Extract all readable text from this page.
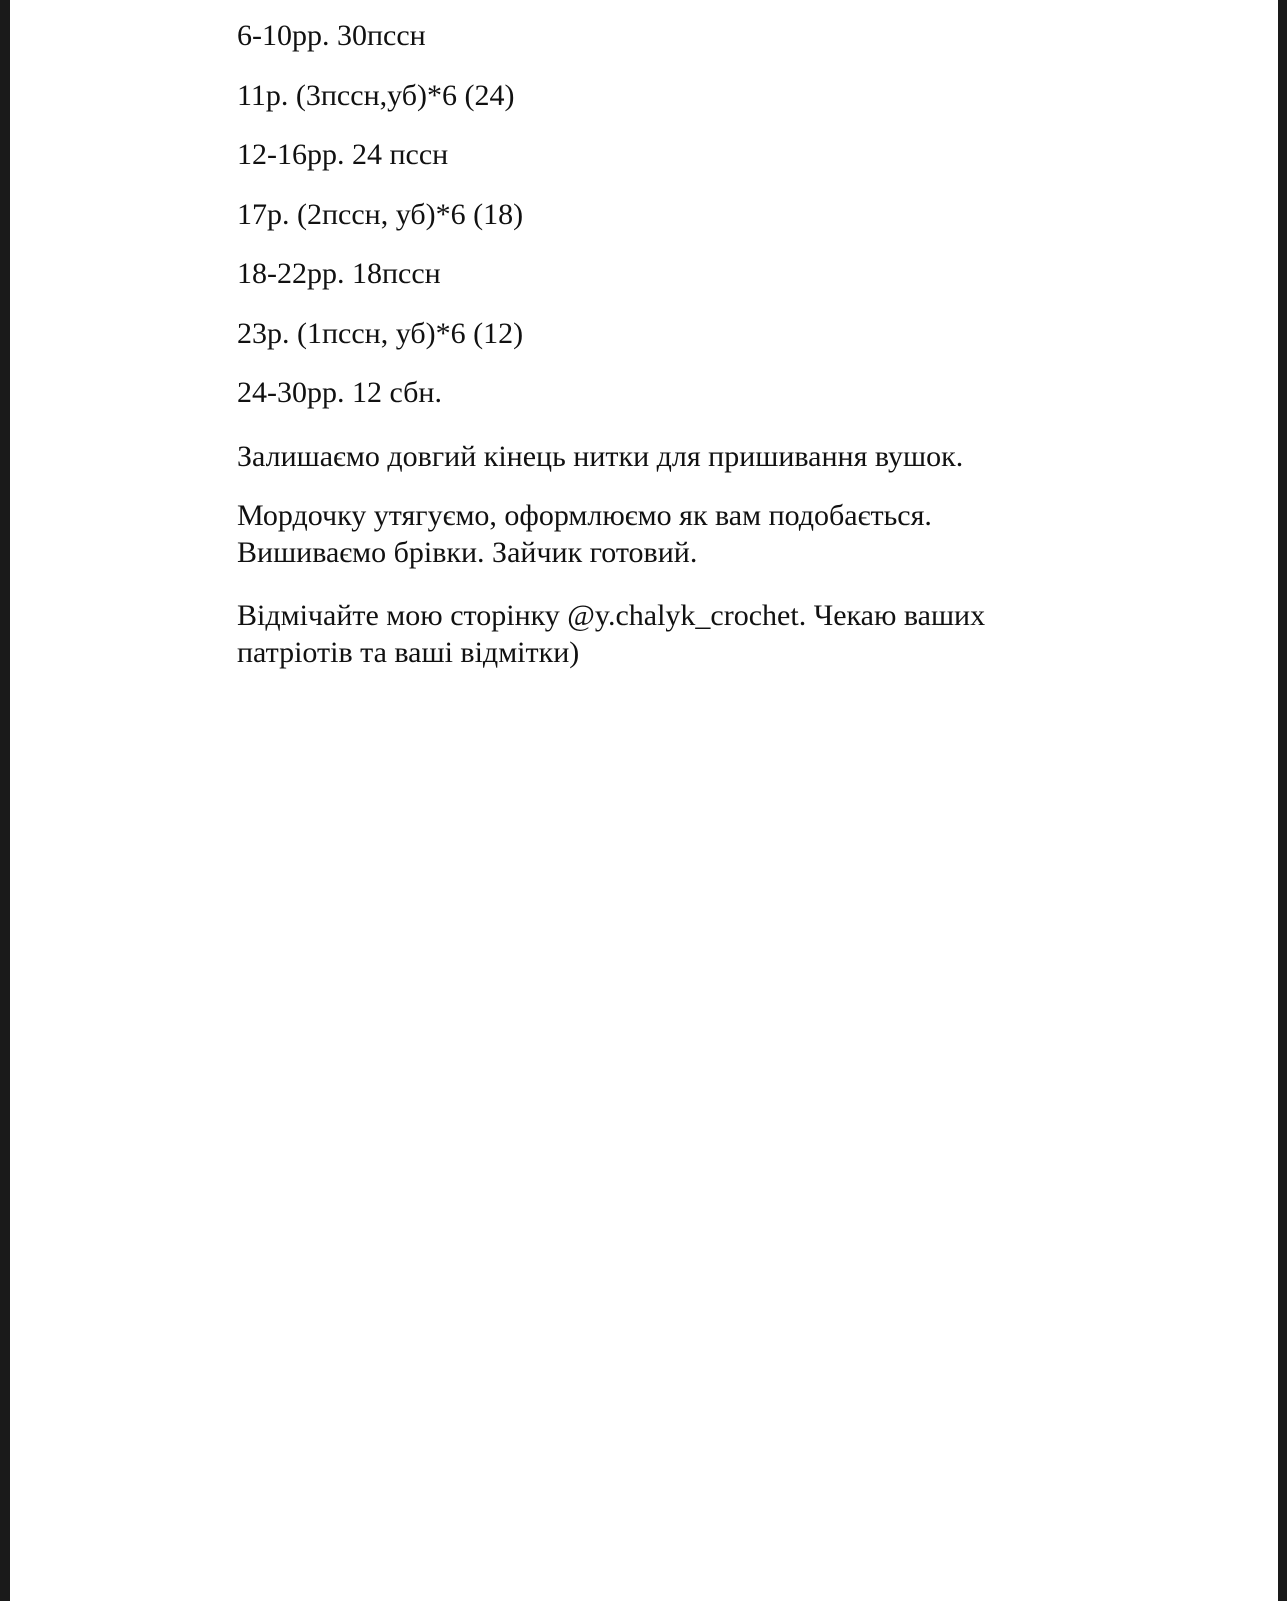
6-10рр. 30пссн

11р. (3пссн,уб)*6 (24)

12-16рр. 24 пссн

17р. (2пссн, уб)*6 (18)

18-22рр. 18пссн

23р. (1пссн, уб)*6 (12)

24-30рр. 12 сбн.

Залишаємо довгий кінець нитки для пришивання вушок.

Мордочку утягуємо, оформлюємо як вам подобається. Вишиваємо брівки. Зайчик готовий.

Відмічайте мою сторінку @y.chalyk_crochet. Чекаю ваших патріотів та ваші відмітки)
